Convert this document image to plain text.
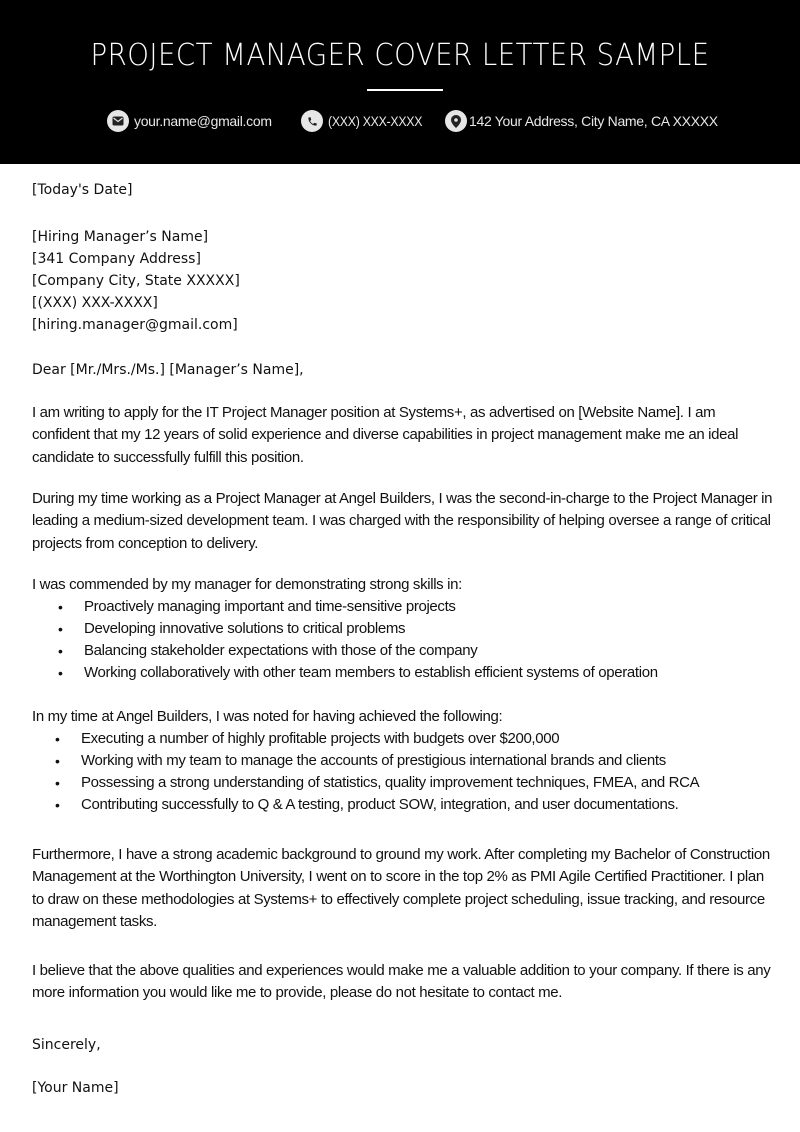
PROJECT MANAGER COVER LETTER SAMPLE
your.name@gmail.com	(XXX) XXX-XXXX	142 Your Address, City Name, CA XXXXX
[Today's Date]
[Hiring Manager’s Name]
[341 Company Address]
[Company City, State XXXXX]
[(XXX) XXX-XXXX]
[hiring.manager@gmail.com]
Dear [Mr./Mrs./Ms.] [Manager’s Name],

I am writing to apply for the IT Project Manager position at Systems+, as advertised on [Website Name]. I am confident that my 12 years of solid experience and diverse capabilities in project management make me an ideal candidate to successfully fulfill this position.

During my time working as a Project Manager at Angel Builders, I was the second-in-charge to the Project Manager in leading a medium-sized development team. I was charged with the responsibility of helping oversee a range of critical projects from conception to delivery.

I was commended by my manager for demonstrating strong skills in:
• Proactively managing important and time-sensitive projects
• Developing innovative solutions to critical problems
• Balancing stakeholder expectations with those of the company
• Working collaboratively with other team members to establish efficient systems of operation
In my time at Angel Builders, I was noted for having achieved the following:
• Executing a number of highly profitable projects with budgets over $200,000
• Working with my team to manage the accounts of prestigious international brands and clients
• Possessing a strong understanding of statistics, quality improvement techniques, FMEA, and RCA
• Contributing successfully to Q & A testing, product SOW, integration, and user documentations.

Furthermore, I have a strong academic background to ground my work. After completing my Bachelor of Construction Management at the Worthington University, I went on to score in the top 2% as PMI Agile Certified Practitioner. I plan to draw on these methodologies at Systems+ to effectively complete project scheduling, issue tracking, and resource management tasks.

I believe that the above qualities and experiences would make me a valuable addition to your company. If there is any more information you would like me to provide, please do not hesitate to contact me.

Sincerely,
[Your Name]
